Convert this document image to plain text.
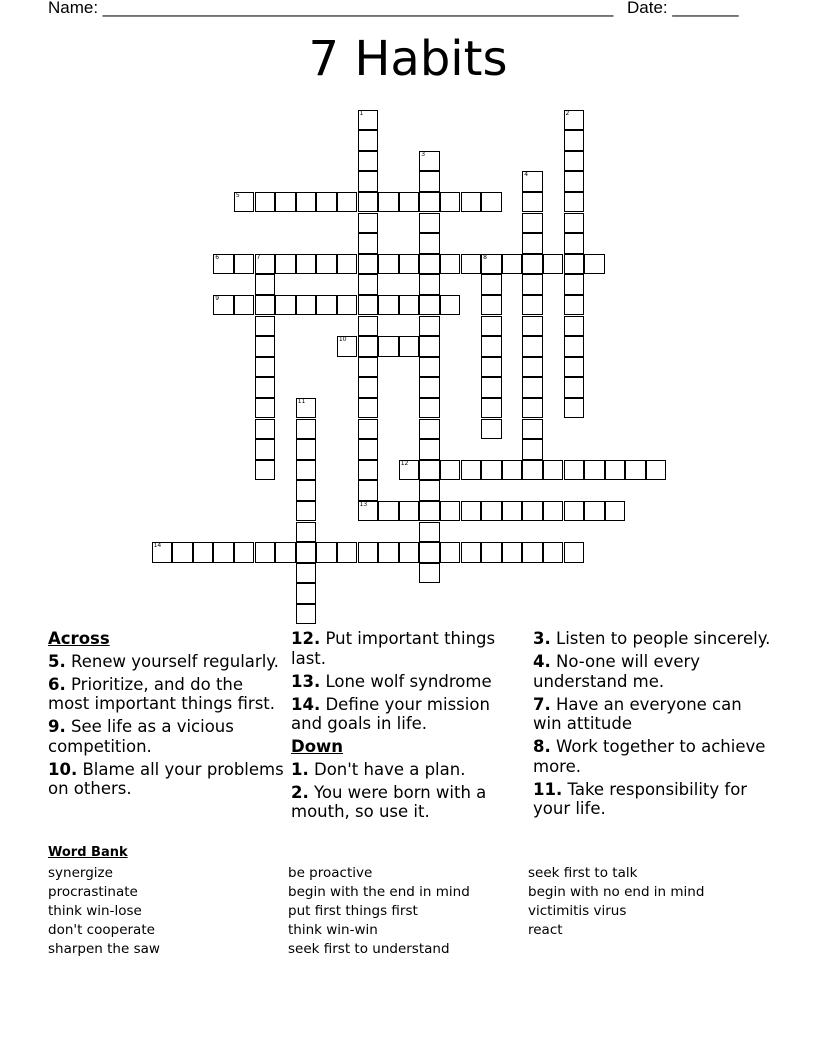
Name: ______________________________________________________ Date: _______
7 Habits
1
13
2
3
4
5
6	7	8
9
10
11
12
14
Across
5. Renew yourself regularly.
6. Prioritize, and do the most important things first.
9. See life as a vicious competition.
10. Blame all your problems on others.
12. Put important things last.
13. Lone wolf syndrome
14. Define your mission and goals in life.
Down
1. Don't have a plan.
2. You were born with a mouth, so use it.
3. Listen to people sincerely.
4. No-one will every understand me.
7. Have an everyone can win attitude
8. Work together to achieve more.
11. Take responsibility for your life.
Word Bank
synergize
procrastinate
think win-lose
don't cooperate
sharpen the saw
be proactive
begin with the end in mind
put first things first
think win-win
seek first to understand
seek first to talk
begin with no end in mind
victimitis virus
react
